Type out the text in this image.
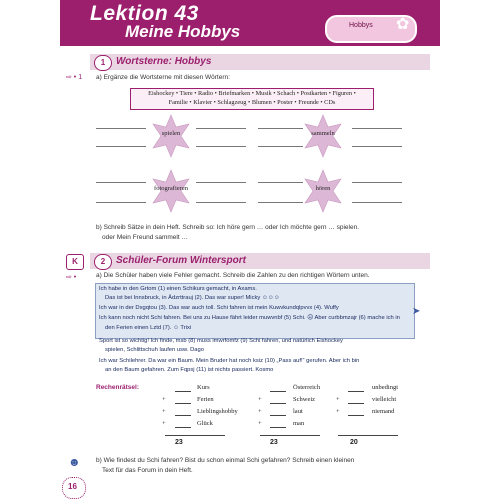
Lektion 43
Meine Hobbys	Hobbys ✿
⇨ • 1
1	Wortsterne: Hobbys
a) Ergänze die Wortsterne mit diesen Wörtern:
Eishockey • Tiere • Radio • Briefmarken • Musik • Schach • Postkarten • Figuren •
Familie • Klavier • Schlagzeug • Blumen • Poster • Freunde • CDs
spielen	sammeln
fotografieren	hören
b) Schreib Sätze in dein Heft. Schreib so: Ich höre gern … oder Ich möchte gern … spielen.
oder Mein Freund sammelt …
K	2	Schüler-Forum Wintersport
⇨ •	a) Die Schüler haben viele Fehler gemacht. Schreib die Zahlen zu den richtigen Wörtern unten.
Ich habe in den Grtom (1) einen Schikurs gemacht, in Axams.
Das ist bei Innsbruck, in Ädzrttrauj (2). Das war super! Micky ☺☺☺
Ich war in der Dxgqtou (3). Das war auch toll. Schi fahren ist mein Kuwvkundqlpvvx (4). Wuffy
Ich kann noch nicht Schi fahren. Bei uns zu Hause fährt leider muwvnbf (5) Schi. ☹ Aber curbbmzajr (6) mache ich in
den Ferien einen Lztd (7). ☺ Trixi
Sport ist so wichtig! Ich finde, msb (8) muss imwrfomfz (9) Schi fahren, und natürlich Eishockey
spielen, Schlittschuh laufen usw. Dago
Ich war Schilehrer. Da war ein Baum. Mein Bruder hat noch ksiz (10) „Pass auf!“ gerufen. Aber ich bin
an den Baum gefahren. Zum Fqpsj (11) ist nichts passiert. Kosmo
➤
Rechenrätsel:	Kurs
+	Ferien
+	Lieblingshobby
+	Glück
23
Österreich
+	Schweiz
+	laut
+	man
23
unbedingt
+	vielleicht
+	niemand
20
☻ b) Wie findest du Schi fahren? Bist du schon einmal Schi gefahren? Schreib einen kleinen
Text für das Forum in dein Heft.
16
